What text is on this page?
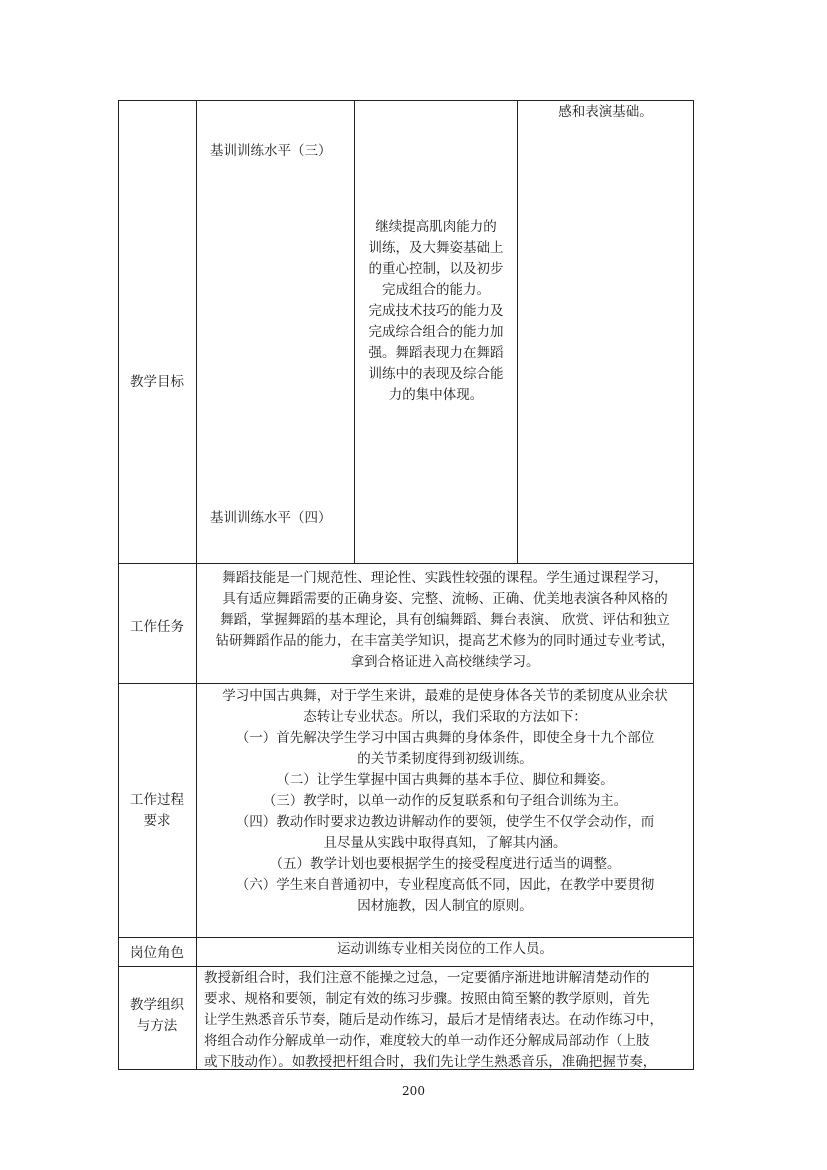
教学目标
基训训练水平（三）
基训训练水平（四）
继续提高肌肉能力的
训练，及大舞姿基础上
的重心控制，以及初步
完成组合的能力。
完成技术技巧的能力及
完成综合组合的能力加
强。舞蹈表现力在舞蹈
训练中的表现及综合能
力的集中体现。
感和表演基础。
工作任务
舞蹈技能是一门规范性、理论性、实践性较强的课程。学生通过课程学习，
具有适应舞蹈需要的正确身姿、完整、流畅、正确、优美地表演各种风格的
舞蹈，掌握舞蹈的基本理论，具有创编舞蹈、舞台表演、 欣赏、评估和独立
钻研舞蹈作品的能力，在丰富美学知识，提高艺术修为的同时通过专业考试，
拿到合格证进入高校继续学习。
工作过程
要求
学习中国古典舞，对于学生来讲，最难的是使身体各关节的柔韧度从业余状
态转让专业状态。所以，我们采取的方法如下：
（一）首先解决学生学习中国古典舞的身体条件，即使全身十九个部位
的关节柔韧度得到初级训练。
（二）让学生掌握中国古典舞的基本手位、脚位和舞姿。
（三）教学时，以单一动作的反复联系和句子组合训练为主。
（四）教动作时要求边教边讲解动作的要领，使学生不仅学会动作，而
且尽量从实践中取得真知，了解其内涵。
（五）教学计划也要根据学生的接受程度进行适当的调整。
（六）学生来自普通初中，专业程度高低不同，因此，在教学中要贯彻
因材施教，因人制宜的原则。
岗位角色	运动训练专业相关岗位的工作人员。
教学组织
与方法
教授新组合时，我们注意不能操之过急，一定要循序渐进地讲解清楚动作的
要求、规格和要领，制定有效的练习步骤。按照由简至繁的教学原则，首先
让学生熟悉音乐节奏，随后是动作练习，最后才是情绪表达。在动作练习中，
将组合动作分解成单一动作，难度较大的单一动作还分解成局部动作（上肢
或下肢动作）。如教授把杆组合时，我们先让学生熟悉音乐，准确把握节奏，
200
